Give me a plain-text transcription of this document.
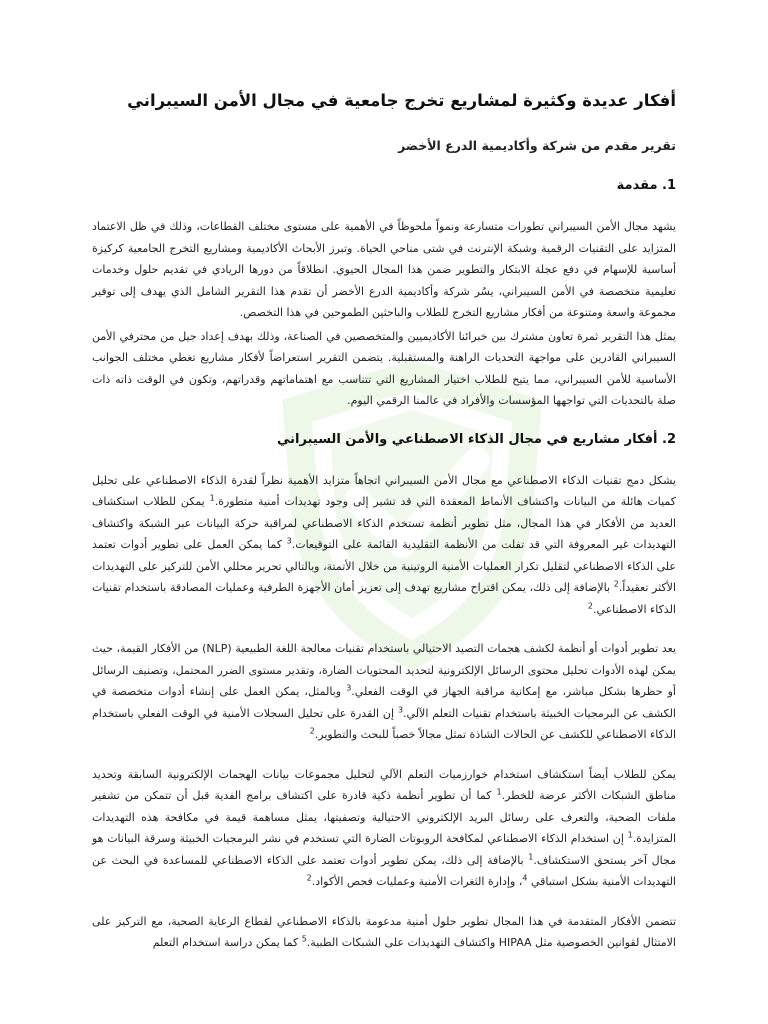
أفكار عديدة وكثيرة لمشاريع تخرج جامعية في مجال الأمن السيبراني
تقرير مقدم من شركة وأكاديمية الدرع الأخضر
1. مقدمة

يشهد مجال الأمن السيبراني تطورات متسارعة ونمواً ملحوظاً في الأهمية على مستوى مختلف القطاعات، وذلك في ظل الاعتماد المتزايد على التقنيات الرقمية وشبكة الإنترنت في شتى مناحي الحياة. وتبرز الأبحاث الأكاديمية ومشاريع التخرج الجامعية كركيزة أساسية للإسهام في دفع عجلة الابتكار والتطوير ضمن هذا المجال الحيوي. انطلاقاً من دورها الريادي في تقديم حلول وخدمات تعليمية متخصصة في الأمن السيبراني، يسُر شركة وأكاديمية الدرع الأخضر أن تقدم هذا التقرير الشامل الذي يهدف إلى توفير مجموعة واسعة ومتنوعة من أفكار مشاريع التخرج للطلاب والباحثين الطموحين في هذا التخصص.

يمثل هذا التقرير ثمرة تعاون مشترك بين خبرائنا الأكاديميين والمتخصصين في الصناعة، وذلك بهدف إعداد جيل من محترفي الأمن السيبراني القادرين على مواجهة التحديات الراهنة والمستقبلية. يتضمن التقرير استعراضاً لأفكار مشاريع تغطي مختلف الجوانب الأساسية للأمن السيبراني، مما يتيح للطلاب اختيار المشاريع التي تتناسب مع اهتماماتهم وقدراتهم، وتكون في الوقت ذاته ذات صلة بالتحديات التي تواجهها المؤسسات والأفراد في عالمنا الرقمي اليوم.

2. أفكار مشاريع في مجال الذكاء الاصطناعي والأمن السيبراني

يشكل دمج تقنيات الذكاء الاصطناعي مع مجال الأمن السيبراني اتجاهاً متزايد الأهمية نظراً لقدرة الذكاء الاصطناعي على تحليل كميات هائلة من البيانات واكتشاف الأنماط المعقدة التي قد تشير إلى وجود تهديدات أمنية متطورة.$^1$ يمكن للطلاب استكشاف العديد من الأفكار في هذا المجال، مثل تطوير أنظمة تستخدم الذكاء الاصطناعي لمراقبة حركة البيانات عبر الشبكة واكتشاف التهديدات غير المعروفة التي قد تفلت من الأنظمة التقليدية القائمة على التوقيعات.$^3$ كما يمكن العمل على تطوير أدوات تعتمد على الذكاء الاصطناعي لتقليل تكرار العمليات الأمنية الروتينية من خلال الأتمتة، وبالتالي تحرير محللي الأمن للتركيز على التهديدات الأكثر تعقيداً.$^2$ بالإضافة إلى ذلك، يمكن اقتراح مشاريع تهدف إلى تعزيز أمان الأجهزة الطرفية وعمليات المصادقة باستخدام تقنيات الذكاء الاصطناعي.$^2$

يعد تطوير أدوات أو أنظمة لكشف هجمات التصيد الاحتيالي باستخدام تقنيات معالجة اللغة الطبيعية (NLP) من الأفكار القيمة، حيث يمكن لهذه الأدوات تحليل محتوى الرسائل الإلكترونية لتحديد المحتويات الضارة، وتقدير مستوى الضرر المحتمل، وتصنيف الرسائل أو حظرها بشكل مباشر، مع إمكانية مراقبة الجهاز في الوقت الفعلي.$^3$ وبالمثل، يمكن العمل على إنشاء أدوات متخصصة في الكشف عن البرمجيات الخبيثة باستخدام تقنيات التعلم الآلي.$^3$ إن القدرة على تحليل السجلات الأمنية في الوقت الفعلي باستخدام الذكاء الاصطناعي للكشف عن الحالات الشاذة تمثل مجالاً خصباً للبحث والتطوير.$^2$

يمكن للطلاب أيضاً استكشاف استخدام خوارزميات التعلم الآلي لتحليل مجموعات بيانات الهجمات الإلكترونية السابقة وتحديد مناطق الشبكات الأكثر عرضة للخطر.$^1$ كما أن تطوير أنظمة ذكية قادرة على اكتشاف برامج الفدية قبل أن تتمكن من تشفير ملفات الضحية، والتعرف على رسائل البريد الإلكتروني الاحتيالية وتصفيتها، يمثل مساهمة قيمة في مكافحة هذه التهديدات المتزايدة.$^1$ إن استخدام الذكاء الاصطناعي لمكافحة الروبوتات الضارة التي تستخدم في نشر البرمجيات الخبيثة وسرقة البيانات هو مجال آخر يستحق الاستكشاف.$^1$ بالإضافة إلى ذلك، يمكن تطوير أدوات تعتمد على الذكاء الاصطناعي للمساعدة في البحث عن التهديدات الأمنية بشكل استباقي $^4$، وإدارة الثغرات الأمنية وعمليات فحص الأكواد.$^2$

تتضمن الأفكار المتقدمة في هذا المجال تطوير حلول أمنية مدعومة بالذكاء الاصطناعي لقطاع الرعاية الصحية، مع التركيز على الامتثال لقوانين الخصوصية مثل HIPAA واكتشاف التهديدات على الشبكات الطبية.$^5$ كما يمكن دراسة استخدام التعلم
